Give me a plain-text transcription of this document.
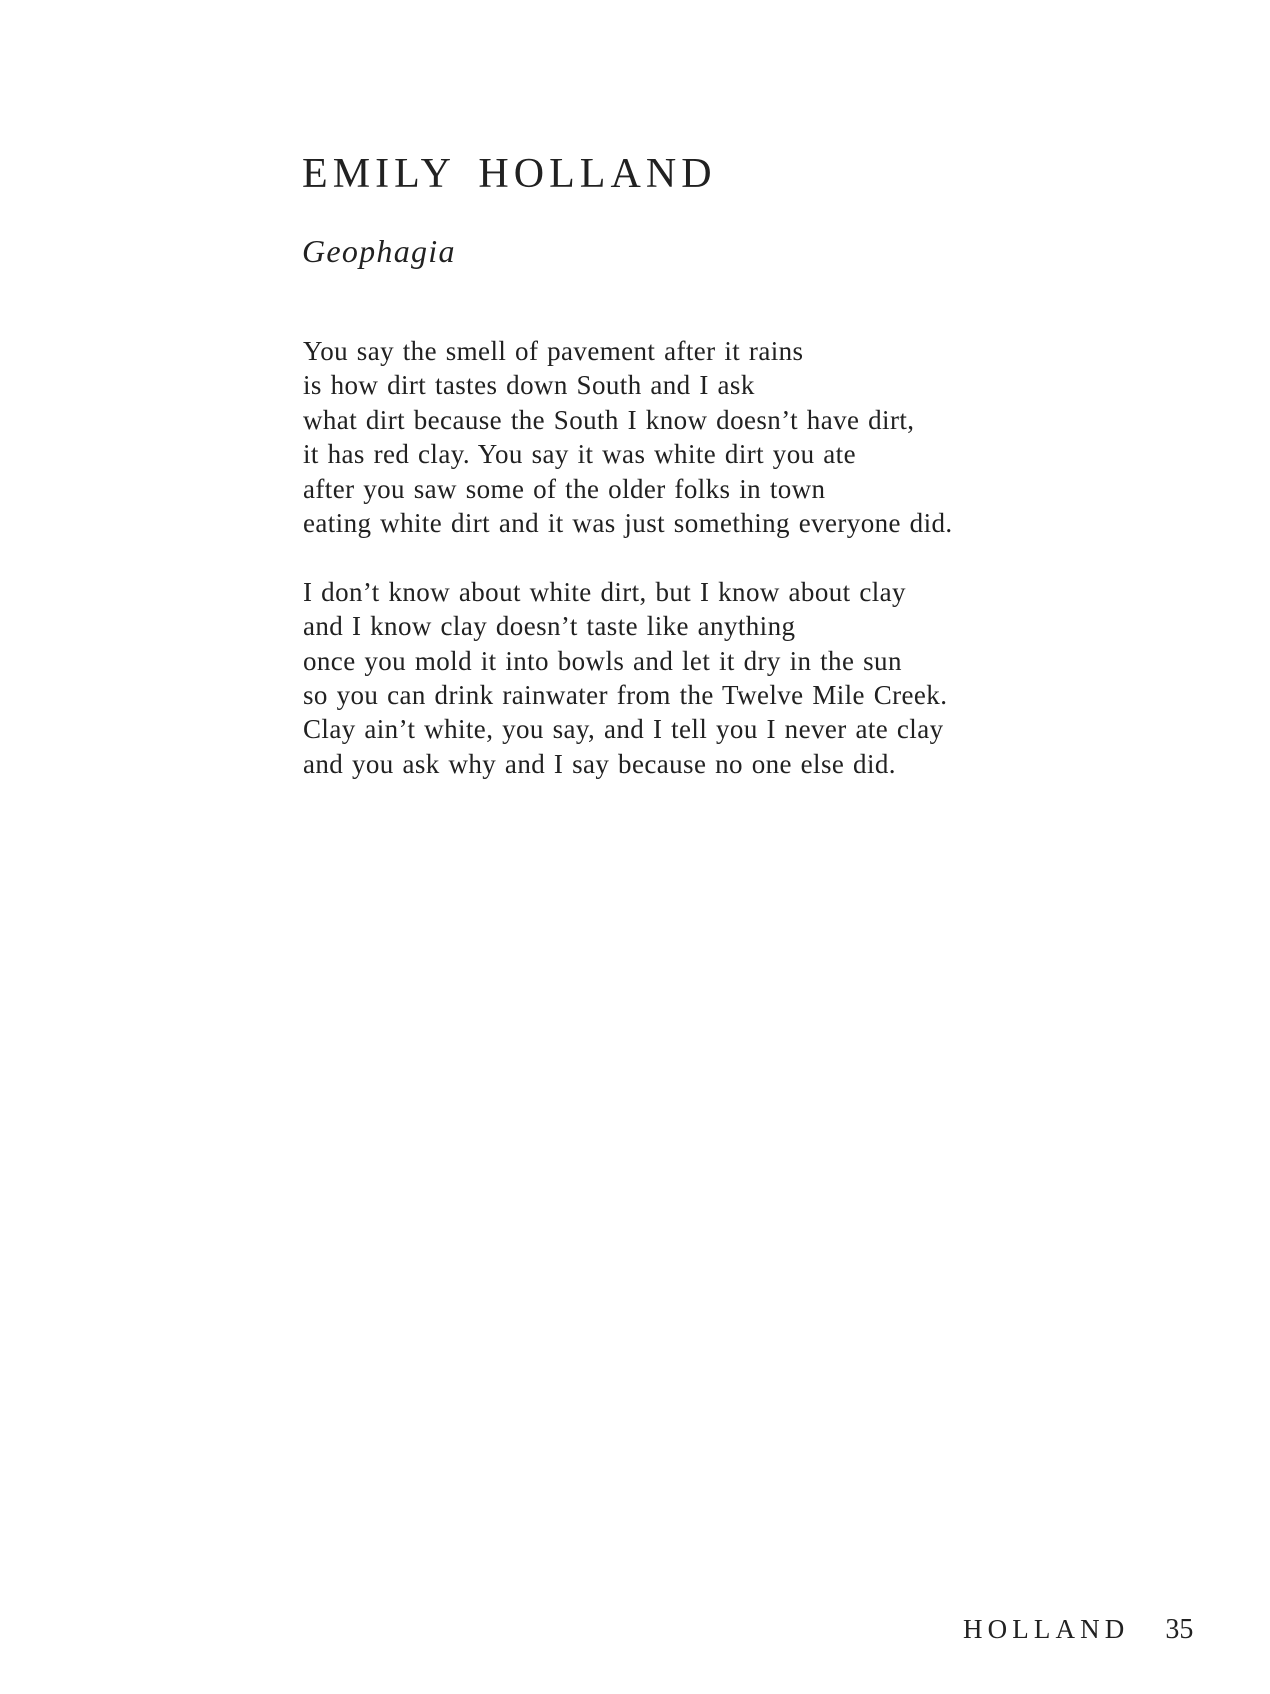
EMILY HOLLAND
Geophagia
You say the smell of pavement after it rains
is how dirt tastes down South and I ask
what dirt because the South I know doesn’t have dirt,
it has red clay. You say it was white dirt you ate
after you saw some of the older folks in town
eating white dirt and it was just something everyone did.
I don’t know about white dirt, but I know about clay
and I know clay doesn’t taste like anything
once you mold it into bowls and let it dry in the sun
so you can drink rainwater from the Twelve Mile Creek.
Clay ain’t white, you say, and I tell you I never ate clay
and you ask why and I say because no one else did.
HOLLAND 35
